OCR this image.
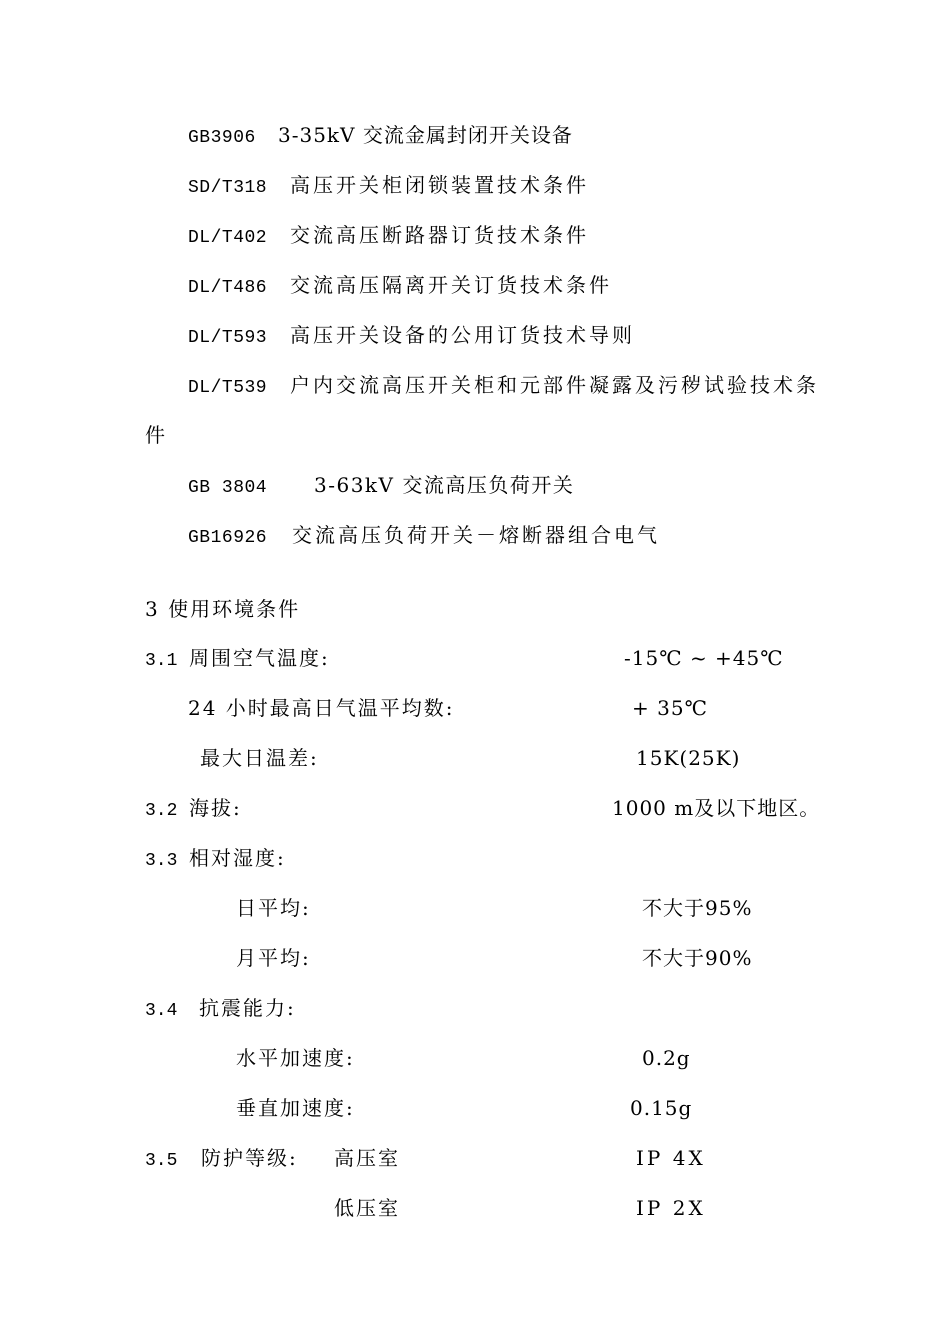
GB3906 3-35kV 交流金属封闭开关设备
SD/T318 高压开关柜闭锁装置技术条件
DL/T402 交流高压断路器订货技术条件
DL/T486 交流高压隔离开关订货技术条件
DL/T593 高压开关设备的公用订货技术导则
DL/T539 户内交流高压开关柜和元部件凝露及污秽试验技术条
件
GB 3804 3-63kV 交流高压负荷开关
GB16926 交流高压负荷开关－熔断器组合电气
3 使用环境条件
3.1 周围空气温度:	-15℃ ~ +45℃
24 小时最高日气温平均数:	+ 35℃
最大日温差:	15K(25K)
3.2 海拔:	1000 m及以下地区。
3.3 相对湿度:
日平均:	不大于95%
月平均:	不大于90%
3.4 抗震能力:
水平加速度:	0.2g
垂直加速度:	0.15g
3.5 防护等级: 高压室	IP 4X
低压室	IP 2X
